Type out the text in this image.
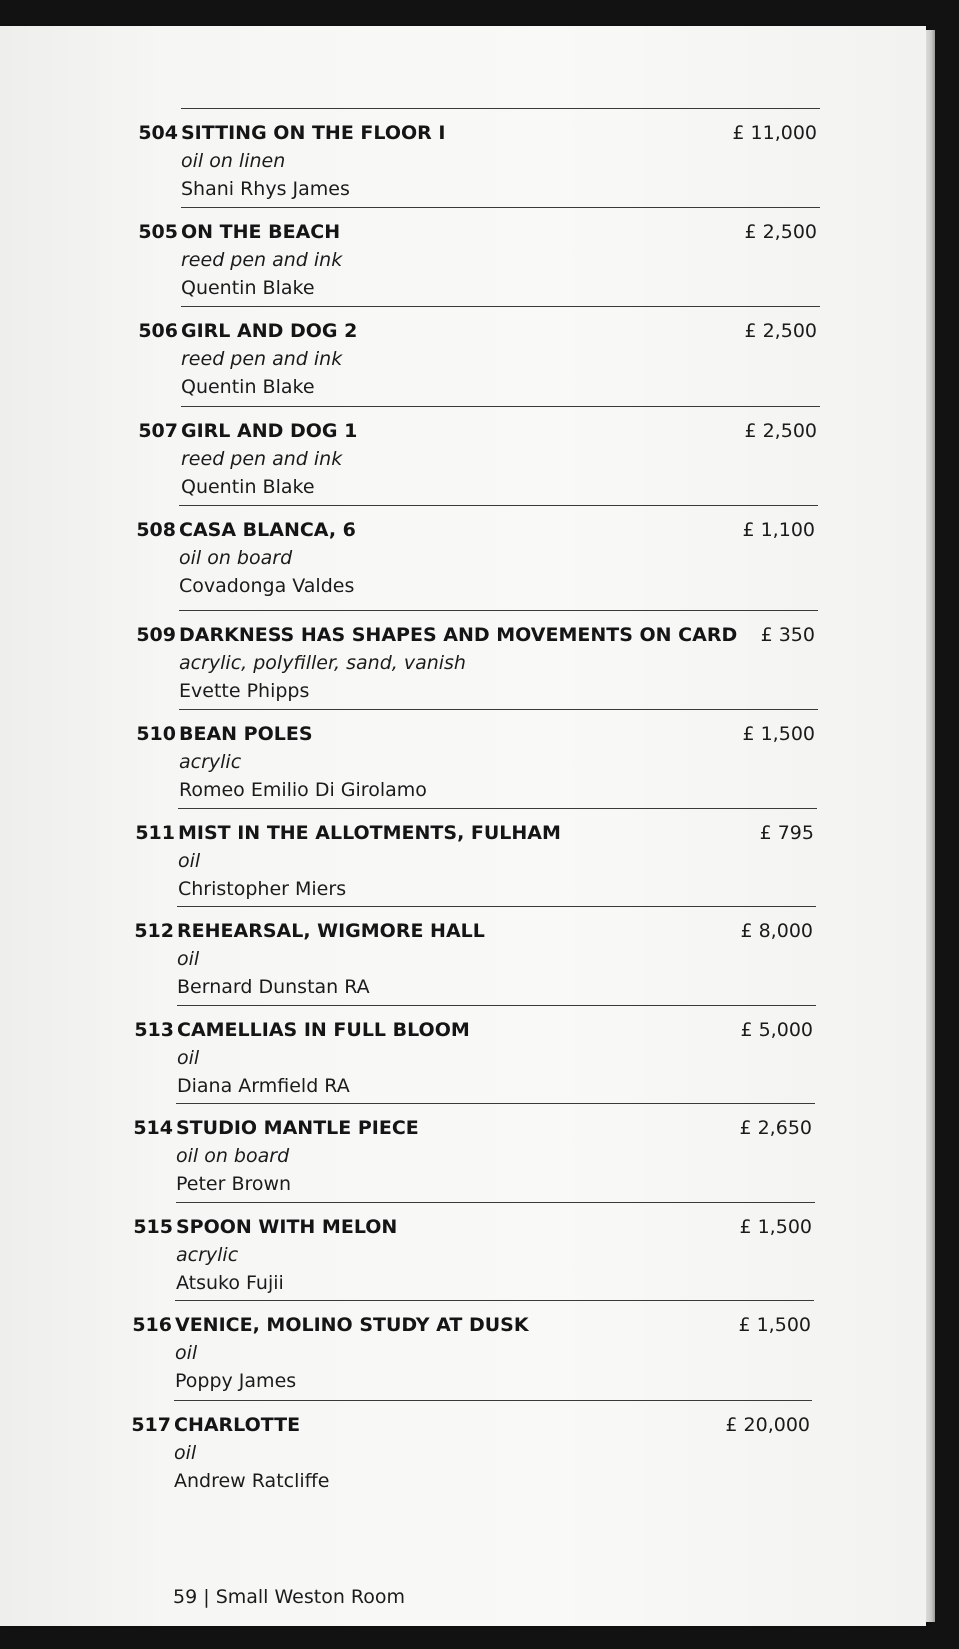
504 SITTING ON THE FLOOR I
oil on linen
Shani Rhys James
£ 11,000
505 ON THE BEACH
reed pen and ink
Quentin Blake
£ 2,500
506 GIRL AND DOG 2
reed pen and ink
Quentin Blake
£ 2,500
507 GIRL AND DOG 1
reed pen and ink
Quentin Blake
£ 2,500
508 CASA BLANCA, 6
oil on board
Covadonga Valdes
£ 1,100
509 DARKNESS HAS SHAPES AND MOVEMENTS ON CARD
acrylic, polyfiller, sand, vanish
Evette Phipps
£ 350
510 BEAN POLES
acrylic
Romeo Emilio Di Girolamo
£ 1,500
511 MIST IN THE ALLOTMENTS, FULHAM
oil
Christopher Miers
£ 795
512 REHEARSAL, WIGMORE HALL
oil
Bernard Dunstan RA
£ 8,000
513 CAMELLIAS IN FULL BLOOM
oil
Diana Armfield RA
£ 5,000
514 STUDIO MANTLE PIECE
oil on board
Peter Brown
£ 2,650
515 SPOON WITH MELON
acrylic
Atsuko Fujii
£ 1,500
516 VENICE, MOLINO STUDY AT DUSK
oil
Poppy James
£ 1,500
517 CHARLOTTE
oil
Andrew Ratcliffe
£ 20,000
59 | Small Weston Room
